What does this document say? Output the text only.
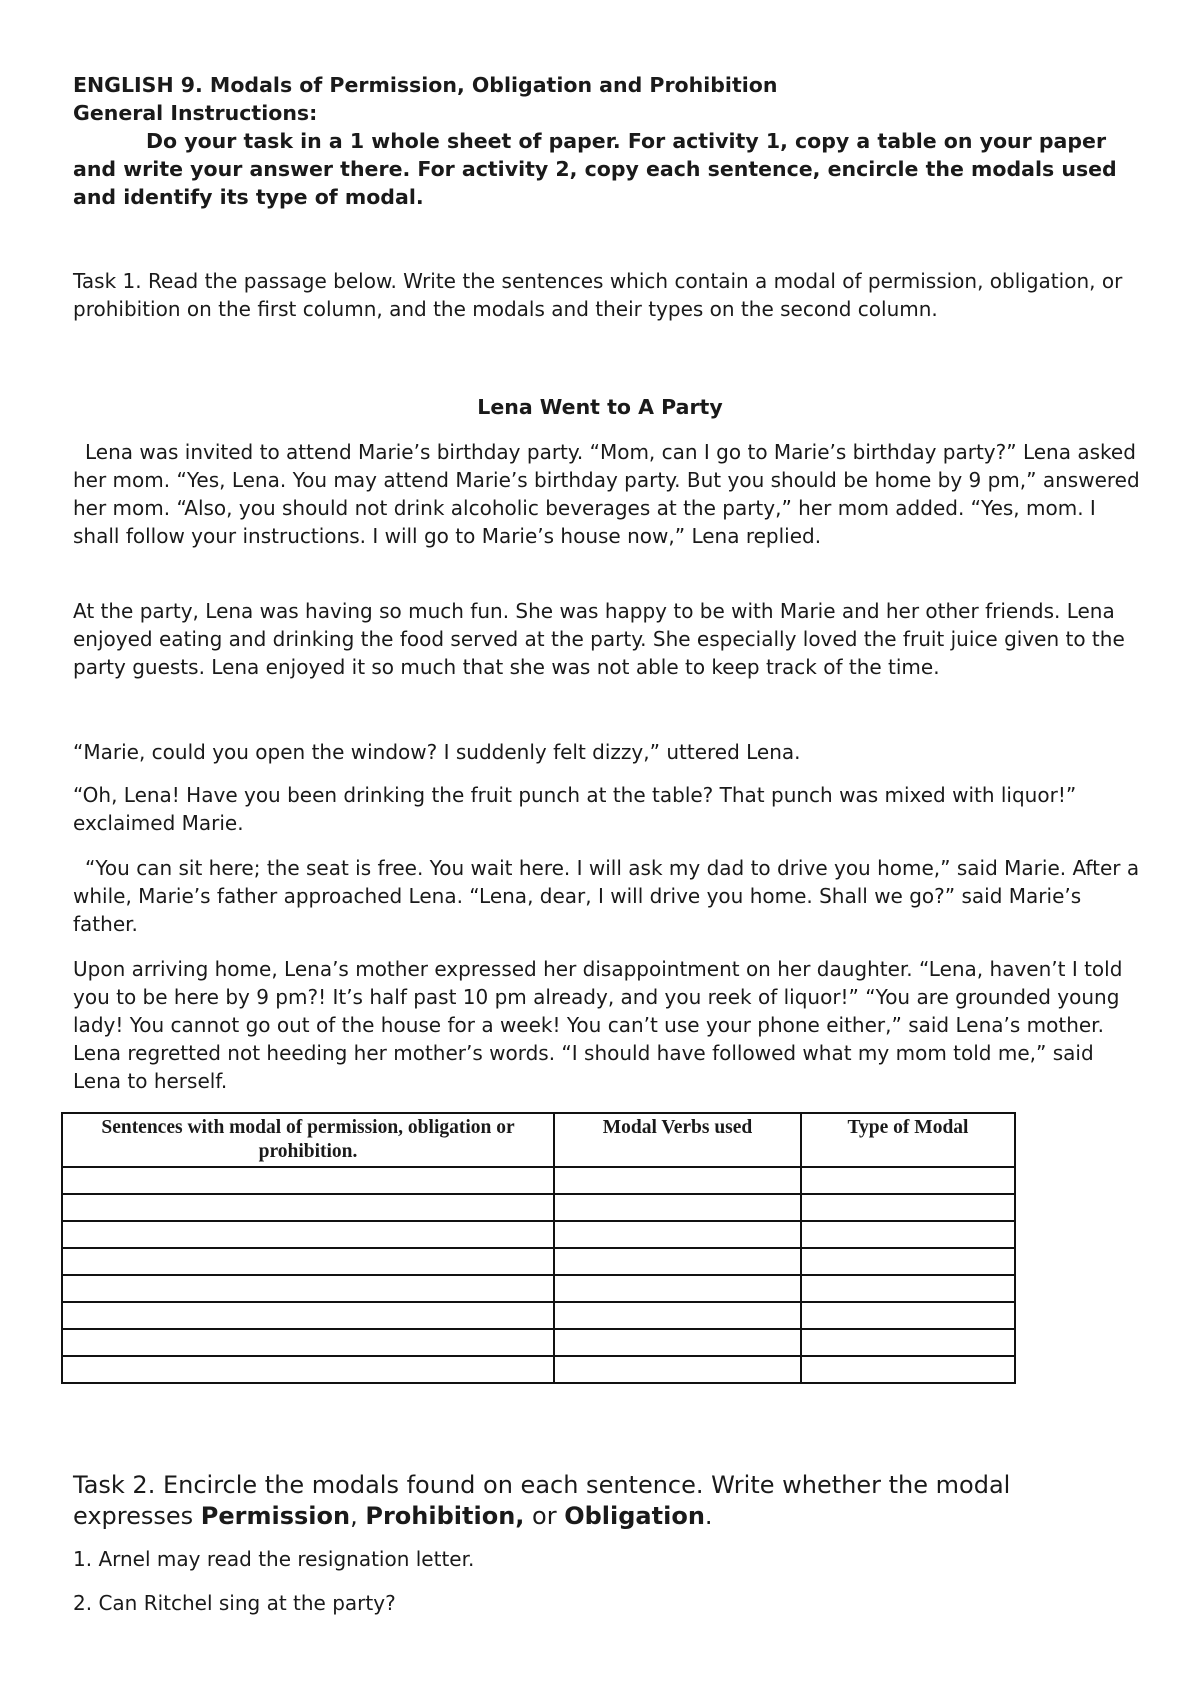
ENGLISH 9. Modals of Permission, Obligation and Prohibition

General Instructions:

Do your task in a 1 whole sheet of paper. For activity 1, copy a table on your paper and write your answer there. For activity 2, copy each sentence, encircle the modals used and identify its type of modal.

Task 1. Read the passage below. Write the sentences which contain a modal of permission, obligation, or prohibition on the first column, and the modals and their types on the second column.

Lena Went to A Party

Lena was invited to attend Marie’s birthday party. “Mom, can I go to Marie’s birthday party?” Lena asked her mom. “Yes, Lena. You may attend Marie’s birthday party. But you should be home by 9 pm,” answered her mom. “Also, you should not drink alcoholic beverages at the party,” her mom added. “Yes, mom. I shall follow your instructions. I will go to Marie’s house now,” Lena replied.

At the party, Lena was having so much fun. She was happy to be with Marie and her other friends. Lena enjoyed eating and drinking the food served at the party. She especially loved the fruit juice given to the party guests. Lena enjoyed it so much that she was not able to keep track of the time.

“Marie, could you open the window? I suddenly felt dizzy,” uttered Lena.

“Oh, Lena! Have you been drinking the fruit punch at the table? That punch was mixed with liquor!” exclaimed Marie.

“You can sit here; the seat is free. You wait here. I will ask my dad to drive you home,” said Marie. After a while, Marie’s father approached Lena. “Lena, dear, I will drive you home. Shall we go?” said Marie’s father.

Upon arriving home, Lena’s mother expressed her disappointment on her daughter. “Lena, haven’t I told you to be here by 9 pm?! It’s half past 10 pm already, and you reek of liquor!” “You are grounded young lady! You cannot go out of the house for a week! You can’t use your phone either,” said Lena’s mother. Lena regretted not heeding her mother’s words. “I should have followed what my mom told me,” said Lena to herself.

Sentences with modal of permission, obligation or prohibition.	Modal Verbs used	Type of Modal

Task 2. Encircle the modals found on each sentence. Write whether the modal expresses Permission, Prohibition, or Obligation.

1. Arnel may read the resignation letter.

2. Can Ritchel sing at the party?
